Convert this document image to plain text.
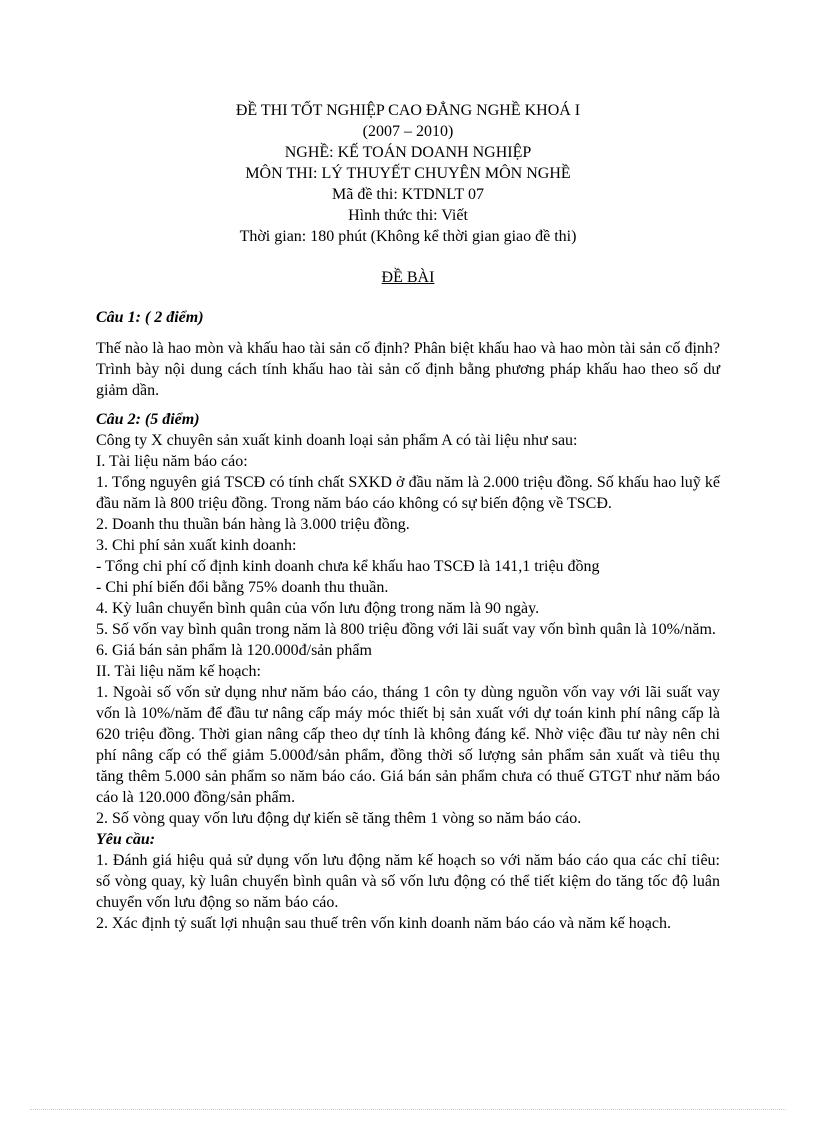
ĐỀ THI TỐT NGHIỆP CAO ĐẲNG NGHỀ KHOÁ I
(2007 – 2010)
NGHỀ: KẾ TOÁN DOANH NGHIỆP
MÔN THI: LÝ THUYẾT CHUYÊN MÔN NGHỀ
Mã đề thi: KTDNLT 07
Hình thức thi: Viết
Thời gian: 180 phút (Không kể thời gian giao đề thi)
ĐỀ BÀI
Câu 1: ( 2 điểm)

Thế nào là hao mòn và khấu hao tài sản cố định? Phân biệt khấu hao và hao mòn tài sản cố định? Trình bày nội dung cách tính khấu hao tài sản cố định bằng phương pháp khấu hao theo số dư giảm dần.

Câu 2: (5 điểm)

Công ty X chuyên sản xuất kinh doanh loại sản phẩm A có tài liệu như sau:

I. Tài liệu năm báo cáo:

1. Tổng nguyên giá TSCĐ có tính chất SXKD ở đầu năm là 2.000 triệu đồng. Số khấu hao luỹ kế đầu năm là 800 triệu đồng. Trong năm báo cáo không có sự biến động về TSCĐ.

2. Doanh thu thuần bán hàng là 3.000 triệu đồng.

3. Chi phí sản xuất kinh doanh:

- Tổng chi phí cố định kinh doanh chưa kể khấu hao TSCĐ là 141,1 triệu đồng

- Chi phí biến đổi bằng 75% doanh thu thuần.

4. Kỳ luân chuyển bình quân của vốn lưu động trong năm là 90 ngày.

5. Số vốn vay bình quân trong năm là 800 triệu đồng với lãi suất vay vốn bình quân là 10%/năm.

6. Giá bán sản phẩm là 120.000đ/sản phẩm

II. Tài liệu năm kế hoạch:

1. Ngoài số vốn sử dụng như năm báo cáo, tháng 1 côn ty dùng nguồn vốn vay với lãi suất vay vốn là 10%/năm để đầu tư nâng cấp máy móc thiết bị sản xuất với dự toán kinh phí nâng cấp là 620 triệu đồng. Thời gian nâng cấp theo dự tính là không đáng kể. Nhờ việc đầu tư này nên chi phí nâng cấp có thể giảm 5.000đ/sản phẩm, đồng thời số lượng sản phẩm sản xuất và tiêu thụ tăng thêm 5.000 sản phẩm so năm báo cáo. Giá bán sản phẩm chưa có thuế GTGT như năm báo cáo là 120.000 đồng/sản phẩm.

2. Số vòng quay vốn lưu động dự kiến sẽ tăng thêm 1 vòng so năm báo cáo.

Yêu cầu:

1. Đánh giá hiệu quả sử dụng vốn lưu động năm kế hoạch so với năm báo cáo qua các chỉ tiêu: số vòng quay, kỳ luân chuyển bình quân và số vốn lưu động có thể tiết kiệm do tăng tốc độ luân chuyển vốn lưu động so năm báo cáo.

2. Xác định tỷ suất lợi nhuận sau thuế trên vốn kinh doanh năm báo cáo và năm kế hoạch.
